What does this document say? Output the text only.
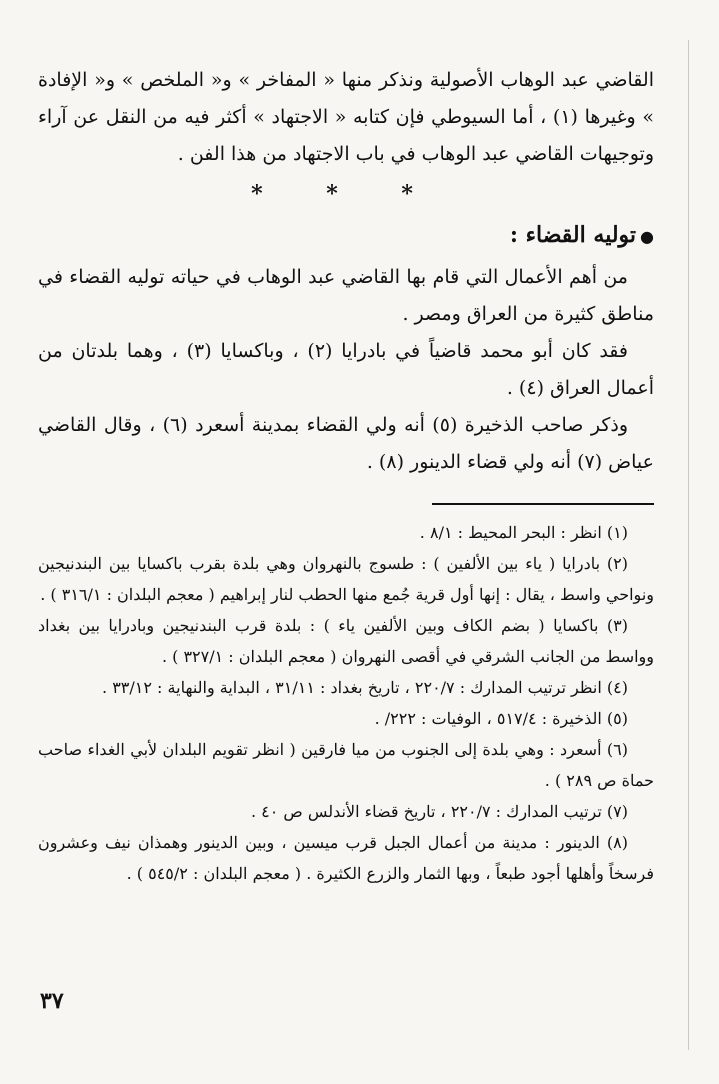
القاضي عبد الوهاب الأصولية ونذكر منها « المفاخر » و« الملخص » و« الإفادة » وغيرها (١) ، أما السيوطي فإن كتابه « الاجتهاد » أكثر فيه من النقل عن آراء وتوجيهات القاضي عبد الوهاب في باب الاجتهاد من هذا الفن .

* * *
●توليه القضاء :

من أهم الأعمال التي قام بها القاضي عبد الوهاب في حياته توليه القضاء في مناطق كثيرة من العراق ومصر .

فقد كان أبو محمد قاضياً في بادرايا (٢) ، وباكسايا (٣) ، وهما بلدتان من أعمال العراق (٤) .

وذكر صاحب الذخيرة (٥) أنه ولي القضاء بمدينة أسعرد (٦) ، وقال القاضي عياض (٧) أنه ولي قضاء الدينور (٨) .

(١) انظر : البحر المحيط : ٨/١ .

(٢) بادرايا ( ياء بين الألفين ) : طسوج بالنهروان وهي بلدة بقرب باكسايا بين البندنيجين ونواحي واسط ، يقال : إنها أول قرية جُمع منها الحطب لنار إبراهيم ( معجم البلدان : ٣١٦/١ ) .

(٣) باكسايا ( بضم الكاف وبين الألفين ياء ) : بلدة قرب البندنيجين وبادرايا بين بغداد وواسط من الجانب الشرقي في أقصى النهروان ( معجم البلدان : ٣٢٧/١ ) .

(٤) انظر ترتيب المدارك : ٢٢٠/٧ ، تاريخ بغداد : ٣١/١١ ، البداية والنهاية : ٣٣/١٢ .

(٥) الذخيرة : ٥١٧/٤ ، الوفيات : ٢٢٢/ .

(٦) أسعرد : وهي بلدة إلى الجنوب من ميا فارقين ( انظر تقويم البلدان لأبي الغداء صاحب حماة ص ٢٨٩ ) .

(٧) ترتيب المدارك : ٢٢٠/٧ ، تاريخ قضاء الأندلس ص ٤٠ .

(٨) الدينور : مدينة من أعمال الجبل قرب ميسين ، وبين الدينور وهمذان نيف وعشرون فرسخاً وأهلها أجود طبعاً ، وبها الثمار والزرع الكثيرة . ( معجم البلدان : ٥٤٥/٢ ) .

٣٧
